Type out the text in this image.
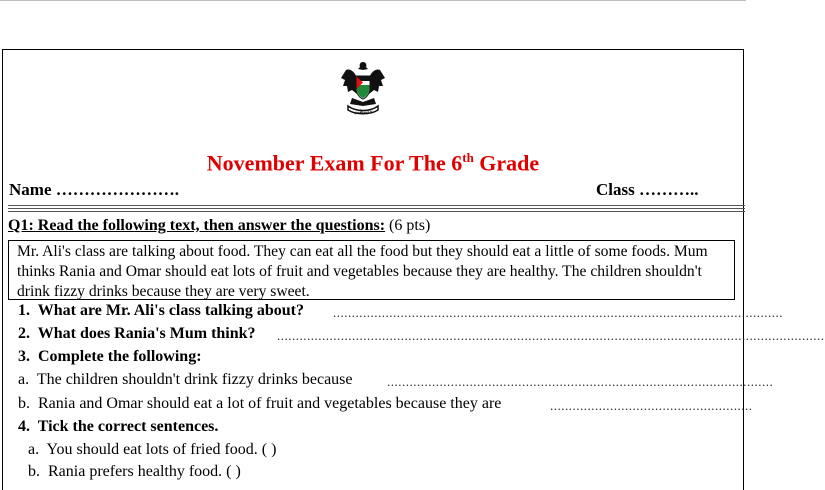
فلسطين
November Exam For The 6th Grade
Name ………………….	Class ………..
Q1: Read the following text, then answer the questions: (6 pts)
Mr. Ali's class are talking about food. They can eat all the food but they should eat a little of some foods. Mum thinks Rania and Omar should eat lots of fruit and vegetables because they are healthy. The children shouldn't drink fizzy drinks because they are very sweet.
1. What are Mr. Ali's class talking about? ........................................................................................................................
2. What does Rania's Mum think? ..................................................................................................................................................
3. Complete the following:
a. The children shouldn't drink fizzy drinks because	.......................................................................................................
b. Rania and Omar should eat a lot of fruit and vegetables because they are	......................................................
4. Tick the correct sentences.
a. You should eat lots of fried food. ( )
b. Rania prefers healthy food. ( )
